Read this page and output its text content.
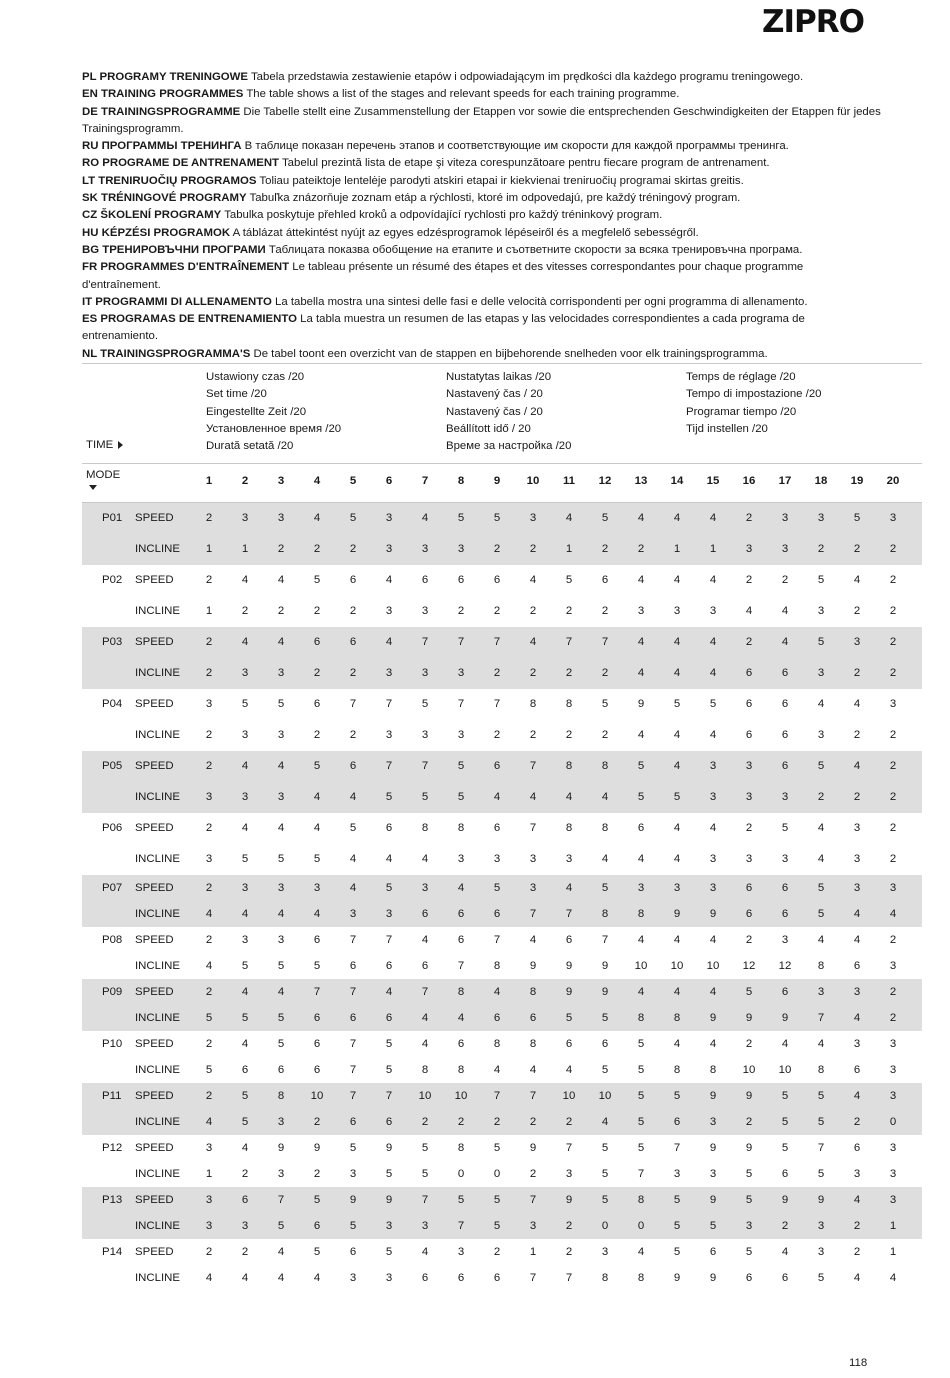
ZIPRO

PL PROGRAMY TRENINGOWE Tabela przedstawia zestawienie etapów i odpowiadającym im prędkości dla każdego programu treningowego.

EN TRAINING PROGRAMMES The table shows a list of the stages and relevant speeds for each training programme.

DE TRAININGSPROGRAMME Die Tabelle stellt eine Zusammenstellung der Etappen vor sowie die entsprechenden Geschwindigkeiten der Etappen für jedes Trainingsprogramm.

RU ПРОГРАММЫ ТРЕНИНГА В таблице показан перечень этапов и соответствующие им скорости для каждой программы тренинга.

RO PROGRAME DE ANTRENAMENT Tabelul prezintă lista de etape şi viteza corespunzătoare pentru fiecare program de antrenament.

LT TRENIRUOČIŲ PROGRAMOS Toliau pateiktoje lentelėje parodyti atskiri etapai ir kiekvienai treniruočių programai skirtas greitis.

SK TRÉNINGOVÉ PROGRAMY Tabuľka znázorňuje zoznam etáp a rýchlosti, ktoré im odpovedajú, pre každý tréningový program.

CZ ŠKOLENÍ PROGRAMY Tabulka poskytuje přehled kroků a odpovídající rychlosti pro každý tréninkový program.

HU KÉPZÉSI PROGRAMOK A táblázat áttekintést nyújt az egyes edzésprogramok lépéseiről és a megfelelő sebességről.

BG ТРЕНИРОВЪЧНИ ПРОГРАМИ Таблицата показва обобщение на етапите и съответните скорости за всяка тренировъчна програма.

FR PROGRAMMES D'ENTRAÎNEMENT Le tableau présente un résumé des étapes et des vitesses correspondantes pour chaque programme d'entraînement.

IT PROGRAMMI DI ALLENAMENTO La tabella mostra una sintesi delle fasi e delle velocità corrispondenti per ogni programma di allenamento.

ES PROGRAMAS DE ENTRENAMIENTO La tabla muestra un resumen de las etapas y las velocidades correspondientes a cada programa de entrenamiento.

NL TRAININGSPROGRAMMA'S De tabel toont een overzicht van de stappen en bijbehorende snelheden voor elk trainingsprogramma.

Ustawiony czas /20
Set time /20
Eingestellte Zeit /20
Установленное время /20
Durată setată /20
Nustatytas laikas /20
Nastavený čas / 20
Nastavený čas / 20
Beállított idő / 20
Време за настройка /20
Temps de réglage /20
Tempo di impostazione /20
Programar tiempo /20
Tijd instellen /20
TIME
MODE	1	2	3	4	5	6	7	8	9	10	11	12	13	14	15	16	17	18	19	20
P01 SPEED	2	3	3	4	5	3	4	5	5	3	4	5	4	4	4	2	3	3	5	3
INCLINE	1	1	2	2	2	3	3	3	2	2	1	2	2	1	1	3	3	2	2	2
P02 SPEED	2	4	4	5	6	4	6	6	6	4	5	6	4	4	4	2	2	5	4	2
INCLINE	1	2	2	2	2	3	3	2	2	2	2	2	3	3	3	4	4	3	2	2
P03 SPEED	2	4	4	6	6	4	7	7	7	4	7	7	4	4	4	2	4	5	3	2
INCLINE	2	3	3	2	2	3	3	3	2	2	2	2	4	4	4	6	6	3	2	2
P04 SPEED	3	5	5	6	7	7	5	7	7	8	8	5	9	5	5	6	6	4	4	3
INCLINE	2	3	3	2	2	3	3	3	2	2	2	2	4	4	4	6	6	3	2	2
P05 SPEED	2	4	4	5	6	7	7	5	6	7	8	8	5	4	3	3	6	5	4	2
INCLINE	3	3	3	4	4	5	5	5	4	4	4	4	5	5	3	3	3	2	2	2
P06 SPEED	2	4	4	4	5	6	8	8	6	7	8	8	6	4	4	2	5	4	3	2
INCLINE	3	5	5	5	4	4	4	3	3	3	3	4	4	4	3	3	3	4	3	2
P07 SPEED	2	3	3	3	4	5	3	4	5	3	4	5	3	3	3	6	6	5	3	3
INCLINE	4	4	4	4	3	3	6	6	6	7	7	8	8	9	9	6	6	5	4	4
P08 SPEED	2	3	3	6	7	7	4	6	7	4	6	7	4	4	4	2	3	4	4	2
INCLINE	4	5	5	5	6	6	6	7	8	9	9	9	10	10	10	12	12	8	6	3
P09 SPEED	2	4	4	7	7	4	7	8	4	8	9	9	4	4	4	5	6	3	3	2
INCLINE	5	5	5	6	6	6	4	4	6	6	5	5	8	8	9	9	9	7	4	2
P10 SPEED	2	4	5	6	7	5	4	6	8	8	6	6	5	4	4	2	4	4	3	3
INCLINE	5	6	6	6	7	5	8	8	4	4	4	5	5	8	8	10	10	8	6	3
P11 SPEED	2	5	8	10	7	7	10	10	7	7	10	10	5	5	9	9	5	5	4	3
INCLINE	4	5	3	2	6	6	2	2	2	2	2	4	5	6	3	2	5	5	2	0
P12 SPEED	3	4	9	9	5	9	5	8	5	9	7	5	5	7	9	9	5	7	6	3
INCLINE	1	2	3	2	3	5	5	0	0	2	3	5	7	3	3	5	6	5	3	3
P13 SPEED	3	6	7	5	9	9	7	5	5	7	9	5	8	5	9	5	9	9	4	3
INCLINE	3	3	5	6	5	3	3	7	5	3	2	0	0	5	5	3	2	3	2	1
P14 SPEED	2	2	4	5	6	5	4	3	2	1	2	3	4	5	6	5	4	3	2	1
INCLINE	4	4	4	4	3	3	6	6	6	7	7	8	8	9	9	6	6	5	4	4
118
